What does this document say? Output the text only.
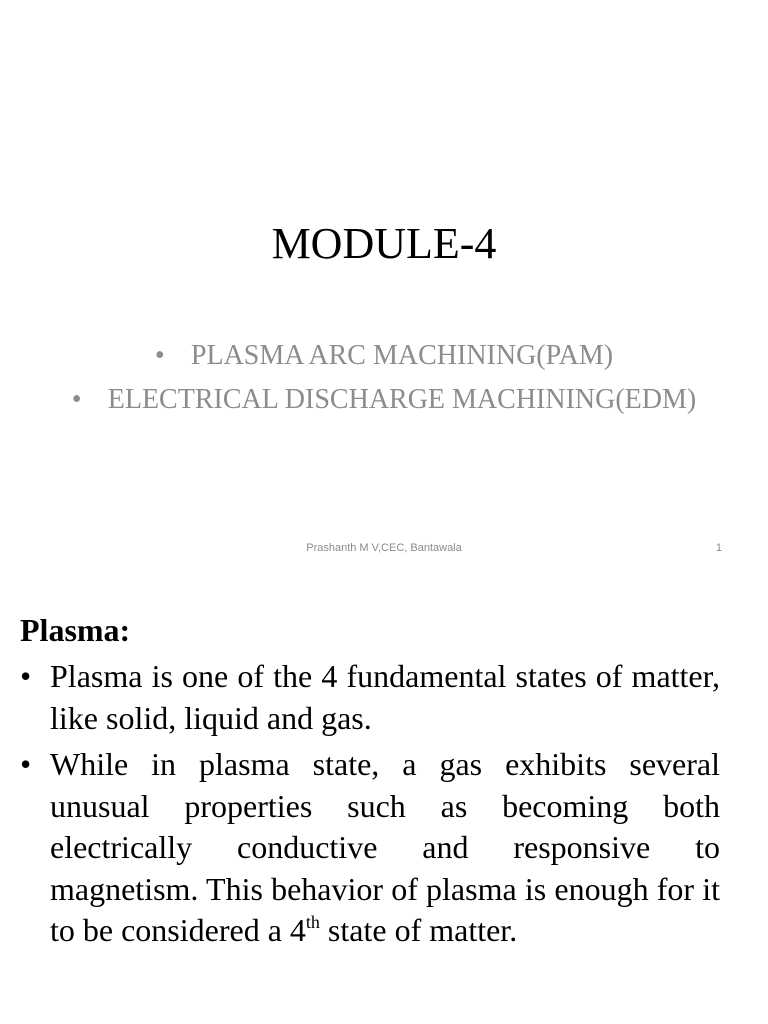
MODULE-4
• PLASMA ARC MACHINING(PAM)
• ELECTRICAL DISCHARGE MACHINING(EDM)
Prashanth M V,CEC, Bantawala	1
Plasma:
• Plasma is one of the 4 fundamental states of matter, like solid, liquid and gas.
• While in plasma state, a gas exhibits several unusual properties such as becoming both electrically conductive and responsive to magnetism. This behavior of plasma is enough for it to be considered a 4th state of matter.
